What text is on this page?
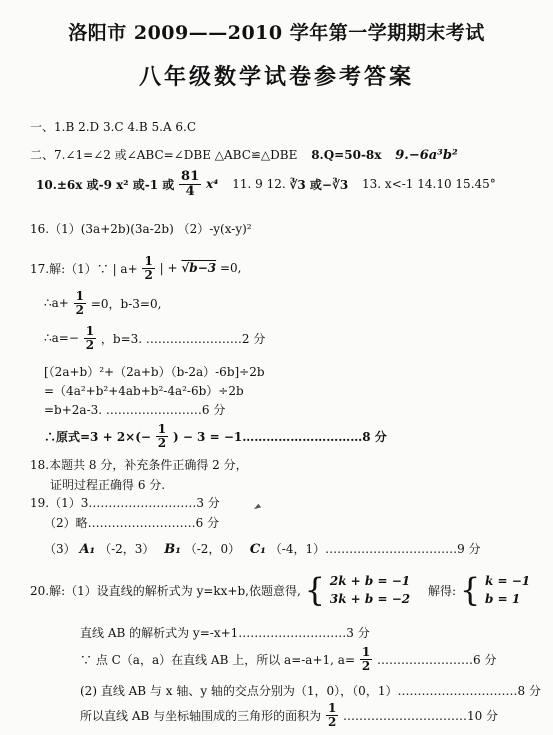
洛阳市 2009——2010 学年第一学期期末考试
八年级数学试卷参考答案
一、1.B 2.D 3.C 4.B 5.A 6.C
二、7.∠1=∠2 或∠ABC=∠DBE △ABC≌△DBE 8.Q=50-8x 9.−6a³b²
10.±6x 或-9 x² 或-1 或 $\frac{81}{4} x^4$ 11. 9 12. ∛3 或−∛3 13. x<-1 14.10 15.45°
16.（1）(3a+2b)(3a-2b) （2）-y(x-y)²
17.解:（1）∵ | $a+ \frac{1}{2}$ | + √b−3 =0,
∴a+ $\frac{1}{2} =0$，b-3=0,
∴a=− $\frac{1}{2}$ ，b=3. ……………………2 分
[（2a+b）²+（2a+b）（b-2a）-6b]÷2b
=（4a²+b²+4ab+b²-4a²-6b）÷2b
=b+2a-3. ……………………6 分
∴原式$=3 + 2\times(- \frac{1}{2}$ ) − 3 = −1…………………………8 分
18.本题共 8 分，补充条件正确得 2 分，
证明过程正确得 6 分.
19.（1）3………………………3 分
（2）略………………………6 分
（3） A₁ （-2，3） B₁ （-2，0） C₁ （-4，1）……………………………9 分
20.解:（1）设直线的解析式为 y=kx+b,依题意得, { 2k + b = −1
3k + b = −2
解得: { k = −1
b = 1
直线 AB 的解析式为 y=-x+1………………………3 分
∵ 点 C（a，a）在直线 AB 上，所以 a=-a+1, $a= \frac{1}{2}$ ……………………6 分
(2) 直线 AB 与 x 轴、y 轴的交点分别为（1，0），（0，1）…………………………8 分
所以直线 AB 与坐标轴围成的三角形的面积为 $\frac{1}{2}$ .…………………………10 分
